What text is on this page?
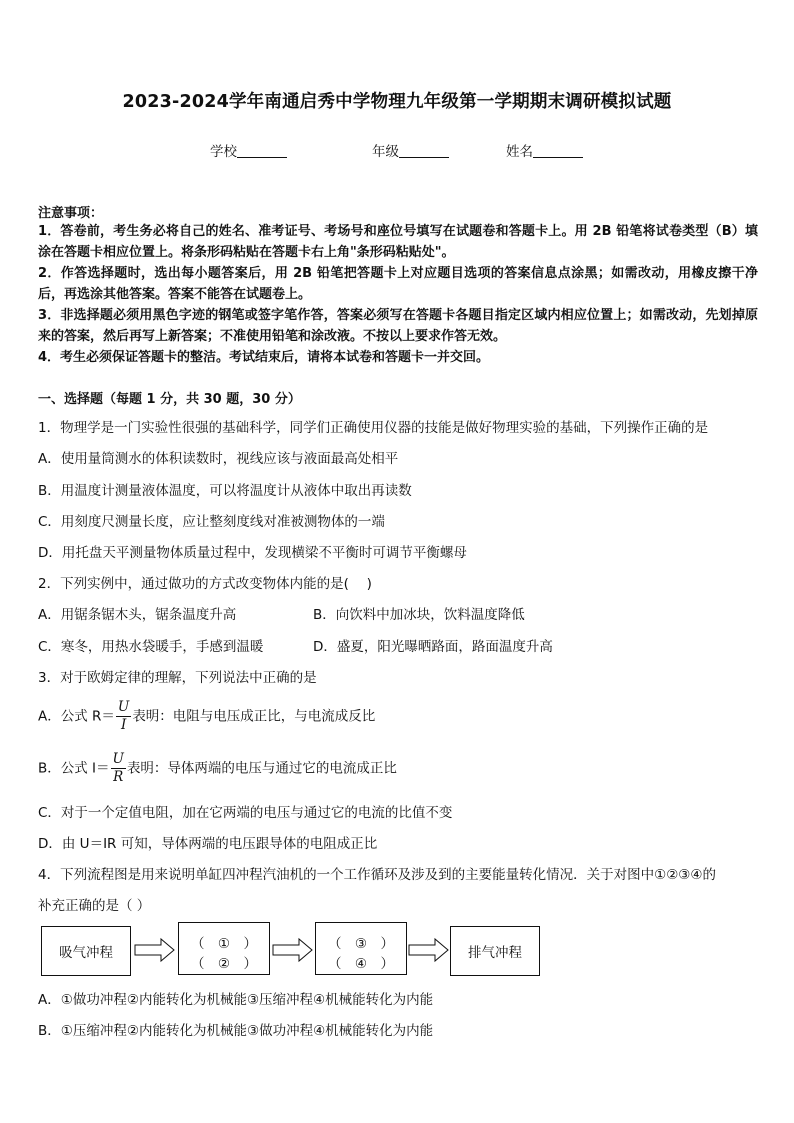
2023-2024学年南通启秀中学物理九年级第一学期期末调研模拟试题
学校	年级	姓名
注意事项：
1．答卷前，考生务必将自己的姓名、准考证号、考场号和座位号填写在试题卷和答题卡上。用 2B 铅笔将试卷类型（B）填涂在答题卡相应位置上。将条形码粘贴在答题卡右上角"条形码粘贴处"。
2．作答选择题时，选出每小题答案后，用 2B 铅笔把答题卡上对应题目选项的答案信息点涂黑；如需改动，用橡皮擦干净后，再选涂其他答案。答案不能答在试题卷上。
3．非选择题必须用黑色字迹的钢笔或签字笔作答，答案必须写在答题卡各题目指定区域内相应位置上；如需改动，先划掉原来的答案，然后再写上新答案；不准使用铅笔和涂改液。不按以上要求作答无效。
4．考生必须保证答题卡的整洁。考试结束后，请将本试卷和答题卡一并交回。
一、选择题（每题 1 分，共 30 题，30 分）
1．物理学是一门实验性很强的基础科学，同学们正确使用仪器的技能是做好物理实验的基础，下列操作正确的是
A．使用量筒测水的体积读数时，视线应该与液面最高处相平
B．用温度计测量液体温度，可以将温度计从液体中取出再读数
C．用刻度尺测量长度，应让整刻度线对准被测物体的一端
D．用托盘天平测量物体质量过程中，发现横梁不平衡时可调节平衡螺母
2．下列实例中，通过做功的方式改变物体内能的是(　 )
A．用锯条锯木头，锯条温度升高	B．向饮料中加冰块，饮料温度降低
C．寒冬，用热水袋暖手，手感到温暖	D．盛夏，阳光曝晒路面，路面温度升高
3．对于欧姆定律的理解，下列说法中正确的是
A．公式 $R= \frac{U}{I}$ 表明：电阻与电压成正比，与电流成反比
B．公式 $I= \frac{U}{R}$ 表明：导体两端的电压与通过它的电流成正比
C．对于一个定值电阻，加在它两端的电压与通过它的电流的比值不变
D．由 U＝IR 可知，导体两端的电压跟导体的电阻成正比
4．下列流程图是用来说明单缸四冲程汽油机的一个工作循环及涉及到的主要能量转化情况．关于对图中①②③④的
补充正确的是（ ）
吸气冲程
（　①　）
（　②　）
（　③　）
（　④　）
排气冲程
A．①做功冲程②内能转化为机械能③压缩冲程④机械能转化为内能
B．①压缩冲程②内能转化为机械能③做功冲程④机械能转化为内能
